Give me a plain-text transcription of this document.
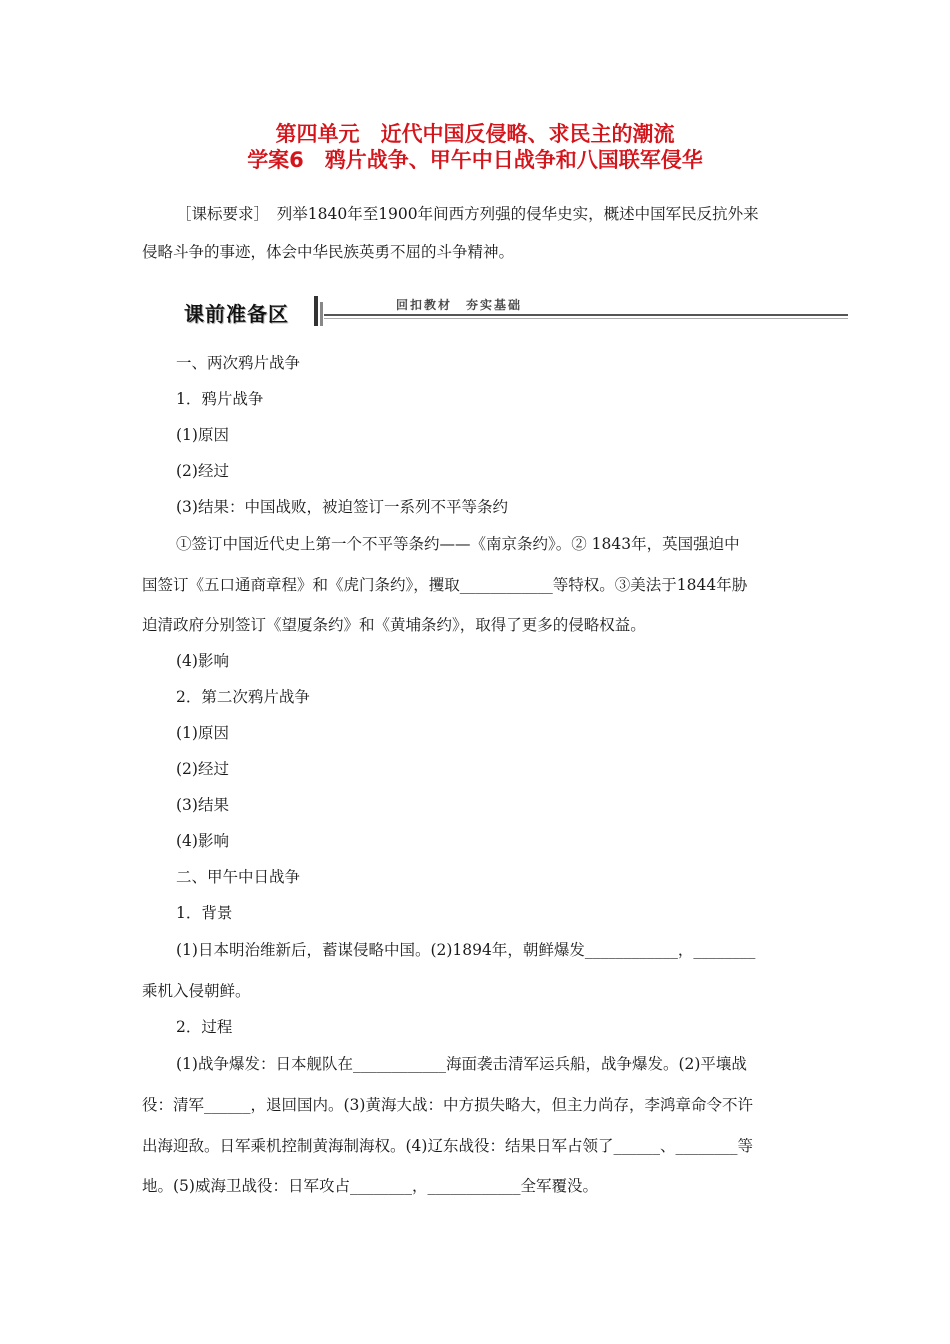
第四单元　近代中国反侵略、求民主的潮流
学案6　鸦片战争、甲午中日战争和八国联军侵华
［课标要求］　列举1840年至1900年间西方列强的侵华史实，概述中国军民反抗外来
侵略斗争的事迹，体会中华民族英勇不屈的斗争精神。
课前准备区	回扣教材　夯实基础
一、两次鸦片战争
1．鸦片战争
(1)原因
(2)经过
(3)结果：中国战败，被迫签订一系列不平等条约
①签订中国近代史上第一个不平等条约——《南京条约》。② 1843年，英国强迫中
国签订《五口通商章程》和《虎门条约》，攫取____________等特权。③美法于1844年胁
迫清政府分别签订《望厦条约》和《黄埔条约》，取得了更多的侵略权益。
(4)影响
2．第二次鸦片战争
(1)原因
(2)经过
(3)结果
(4)影响
二、甲午中日战争
1．背景
(1)日本明治维新后，蓄谋侵略中国。(2)1894年，朝鲜爆发____________，________
乘机入侵朝鲜。
2．过程
(1)战争爆发：日本舰队在____________海面袭击清军运兵船，战争爆发。(2)平壤战
役：清军______，退回国内。(3)黄海大战：中方损失略大，但主力尚存，李鸿章命令不许
出海迎敌。日军乘机控制黄海制海权。(4)辽东战役：结果日军占领了______、________等
地。(5)威海卫战役：日军攻占________，____________全军覆没。
